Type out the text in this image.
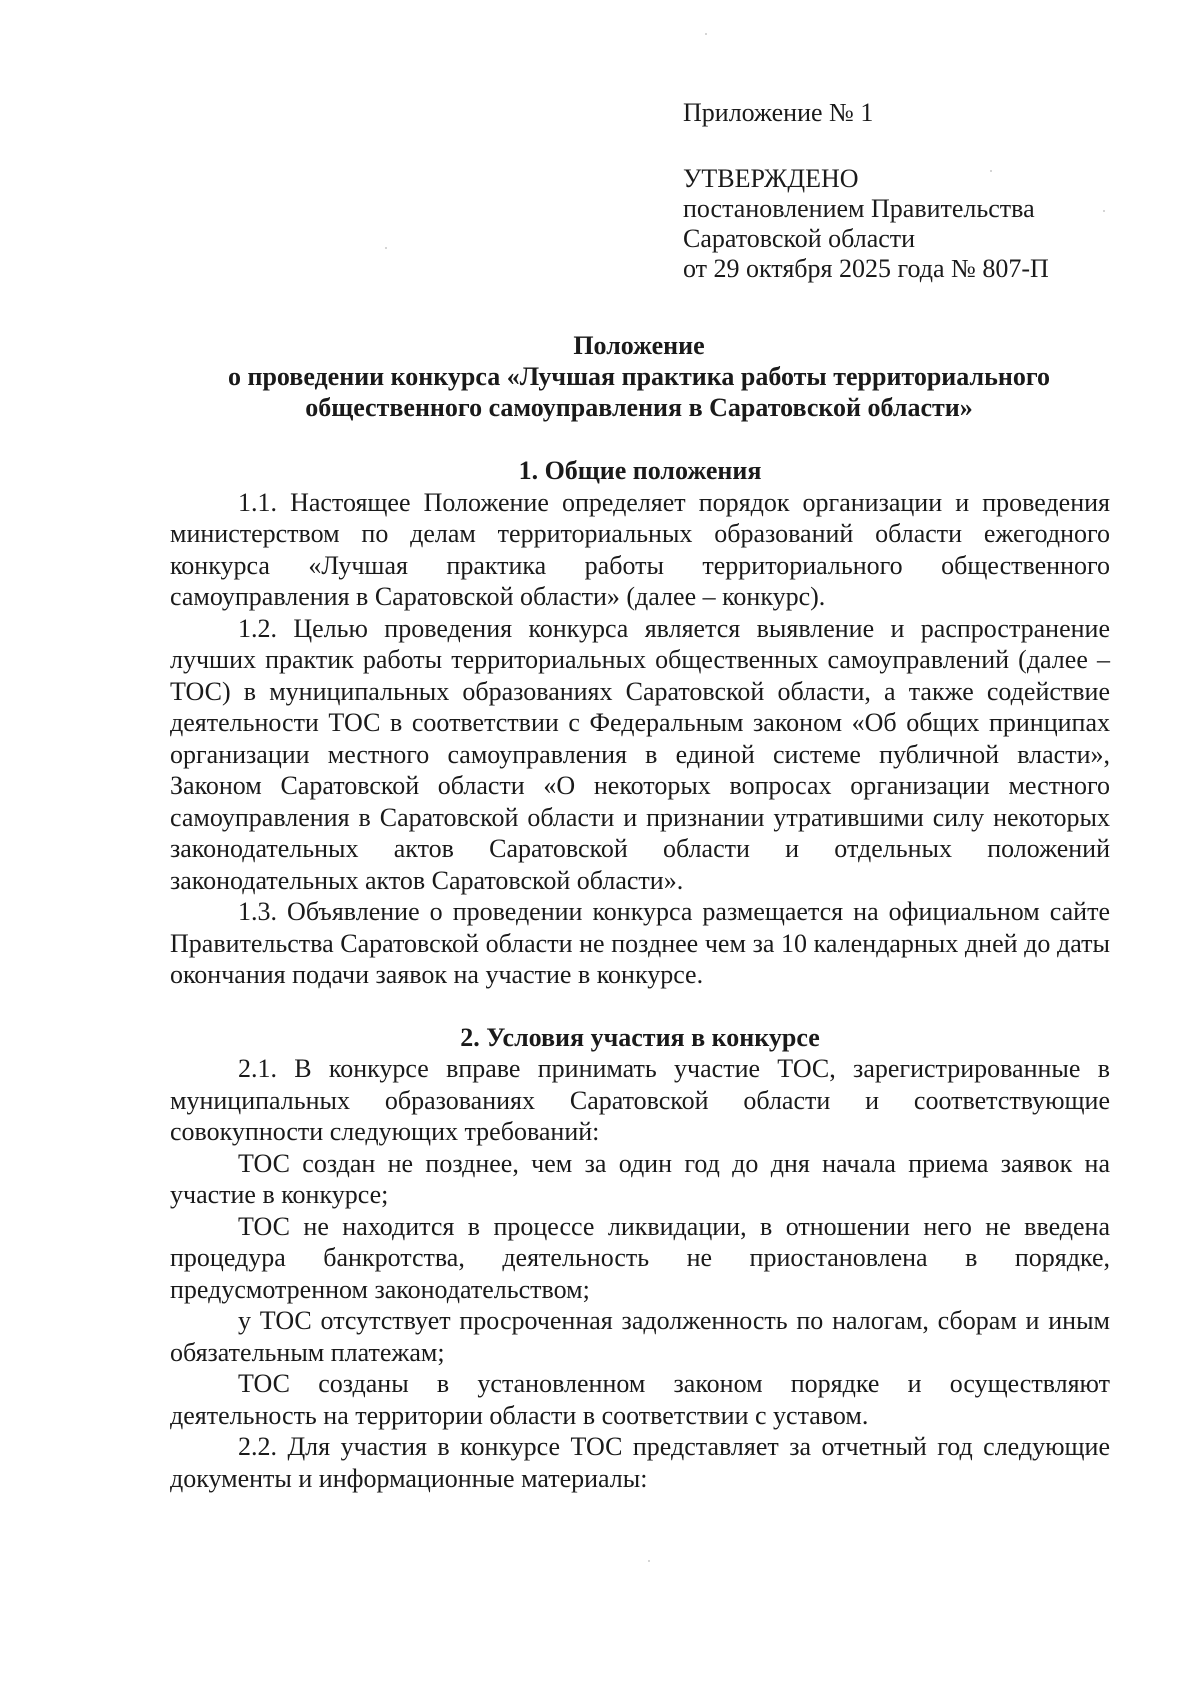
Приложение № 1
УТВЕРЖДЕНО
постановлением Правительства
Саратовской области
от 29 октября 2025 года № 807-П
Положение
о проведении конкурса «Лучшая практика работы территориального
общественного самоуправления в Саратовской области»

1. Общие положения

1.1. Настоящее Положение определяет порядок организации и проведения министерством по делам территориальных образований области ежегодного конкурса «Лучшая практика работы территориального общественного самоуправления в Саратовской области» (далее – конкурс).

1.2. Целью проведения конкурса является выявление и распространение лучших практик работы территориальных общественных самоуправлений (далее – ТОС) в муниципальных образованиях Саратовской области, а также содействие деятельности ТОС в соответствии с Федеральным законом «Об общих принципах организации местного самоуправления в единой системе публичной власти», Законом Саратовской области «О некоторых вопросах организации местного самоуправления в Саратовской области и признании утратившими силу некоторых законодательных актов Саратовской области и отдельных положений законодательных актов Саратовской области».

1.3. Объявление о проведении конкурса размещается на официальном сайте Правительства Саратовской области не позднее чем за 10 календарных дней до даты окончания подачи заявок на участие в конкурсе.

2. Условия участия в конкурсе

2.1. В конкурсе вправе принимать участие ТОС, зарегистрированные в муниципальных образованиях Саратовской области и соответствующие совокупности следующих требований:

ТОС создан не позднее, чем за один год до дня начала приема заявок на участие в конкурсе;

ТОС не находится в процессе ликвидации, в отношении него не введена процедура банкротства, деятельность не приостановлена в порядке, предусмотренном законодательством;

у ТОС отсутствует просроченная задолженность по налогам, сборам и иным обязательным платежам;

ТОС созданы в установленном законом порядке и осуществляют деятельность на территории области в соответствии с уставом.

2.2. Для участия в конкурсе ТОС представляет за отчетный год следующие документы и информационные материалы:
